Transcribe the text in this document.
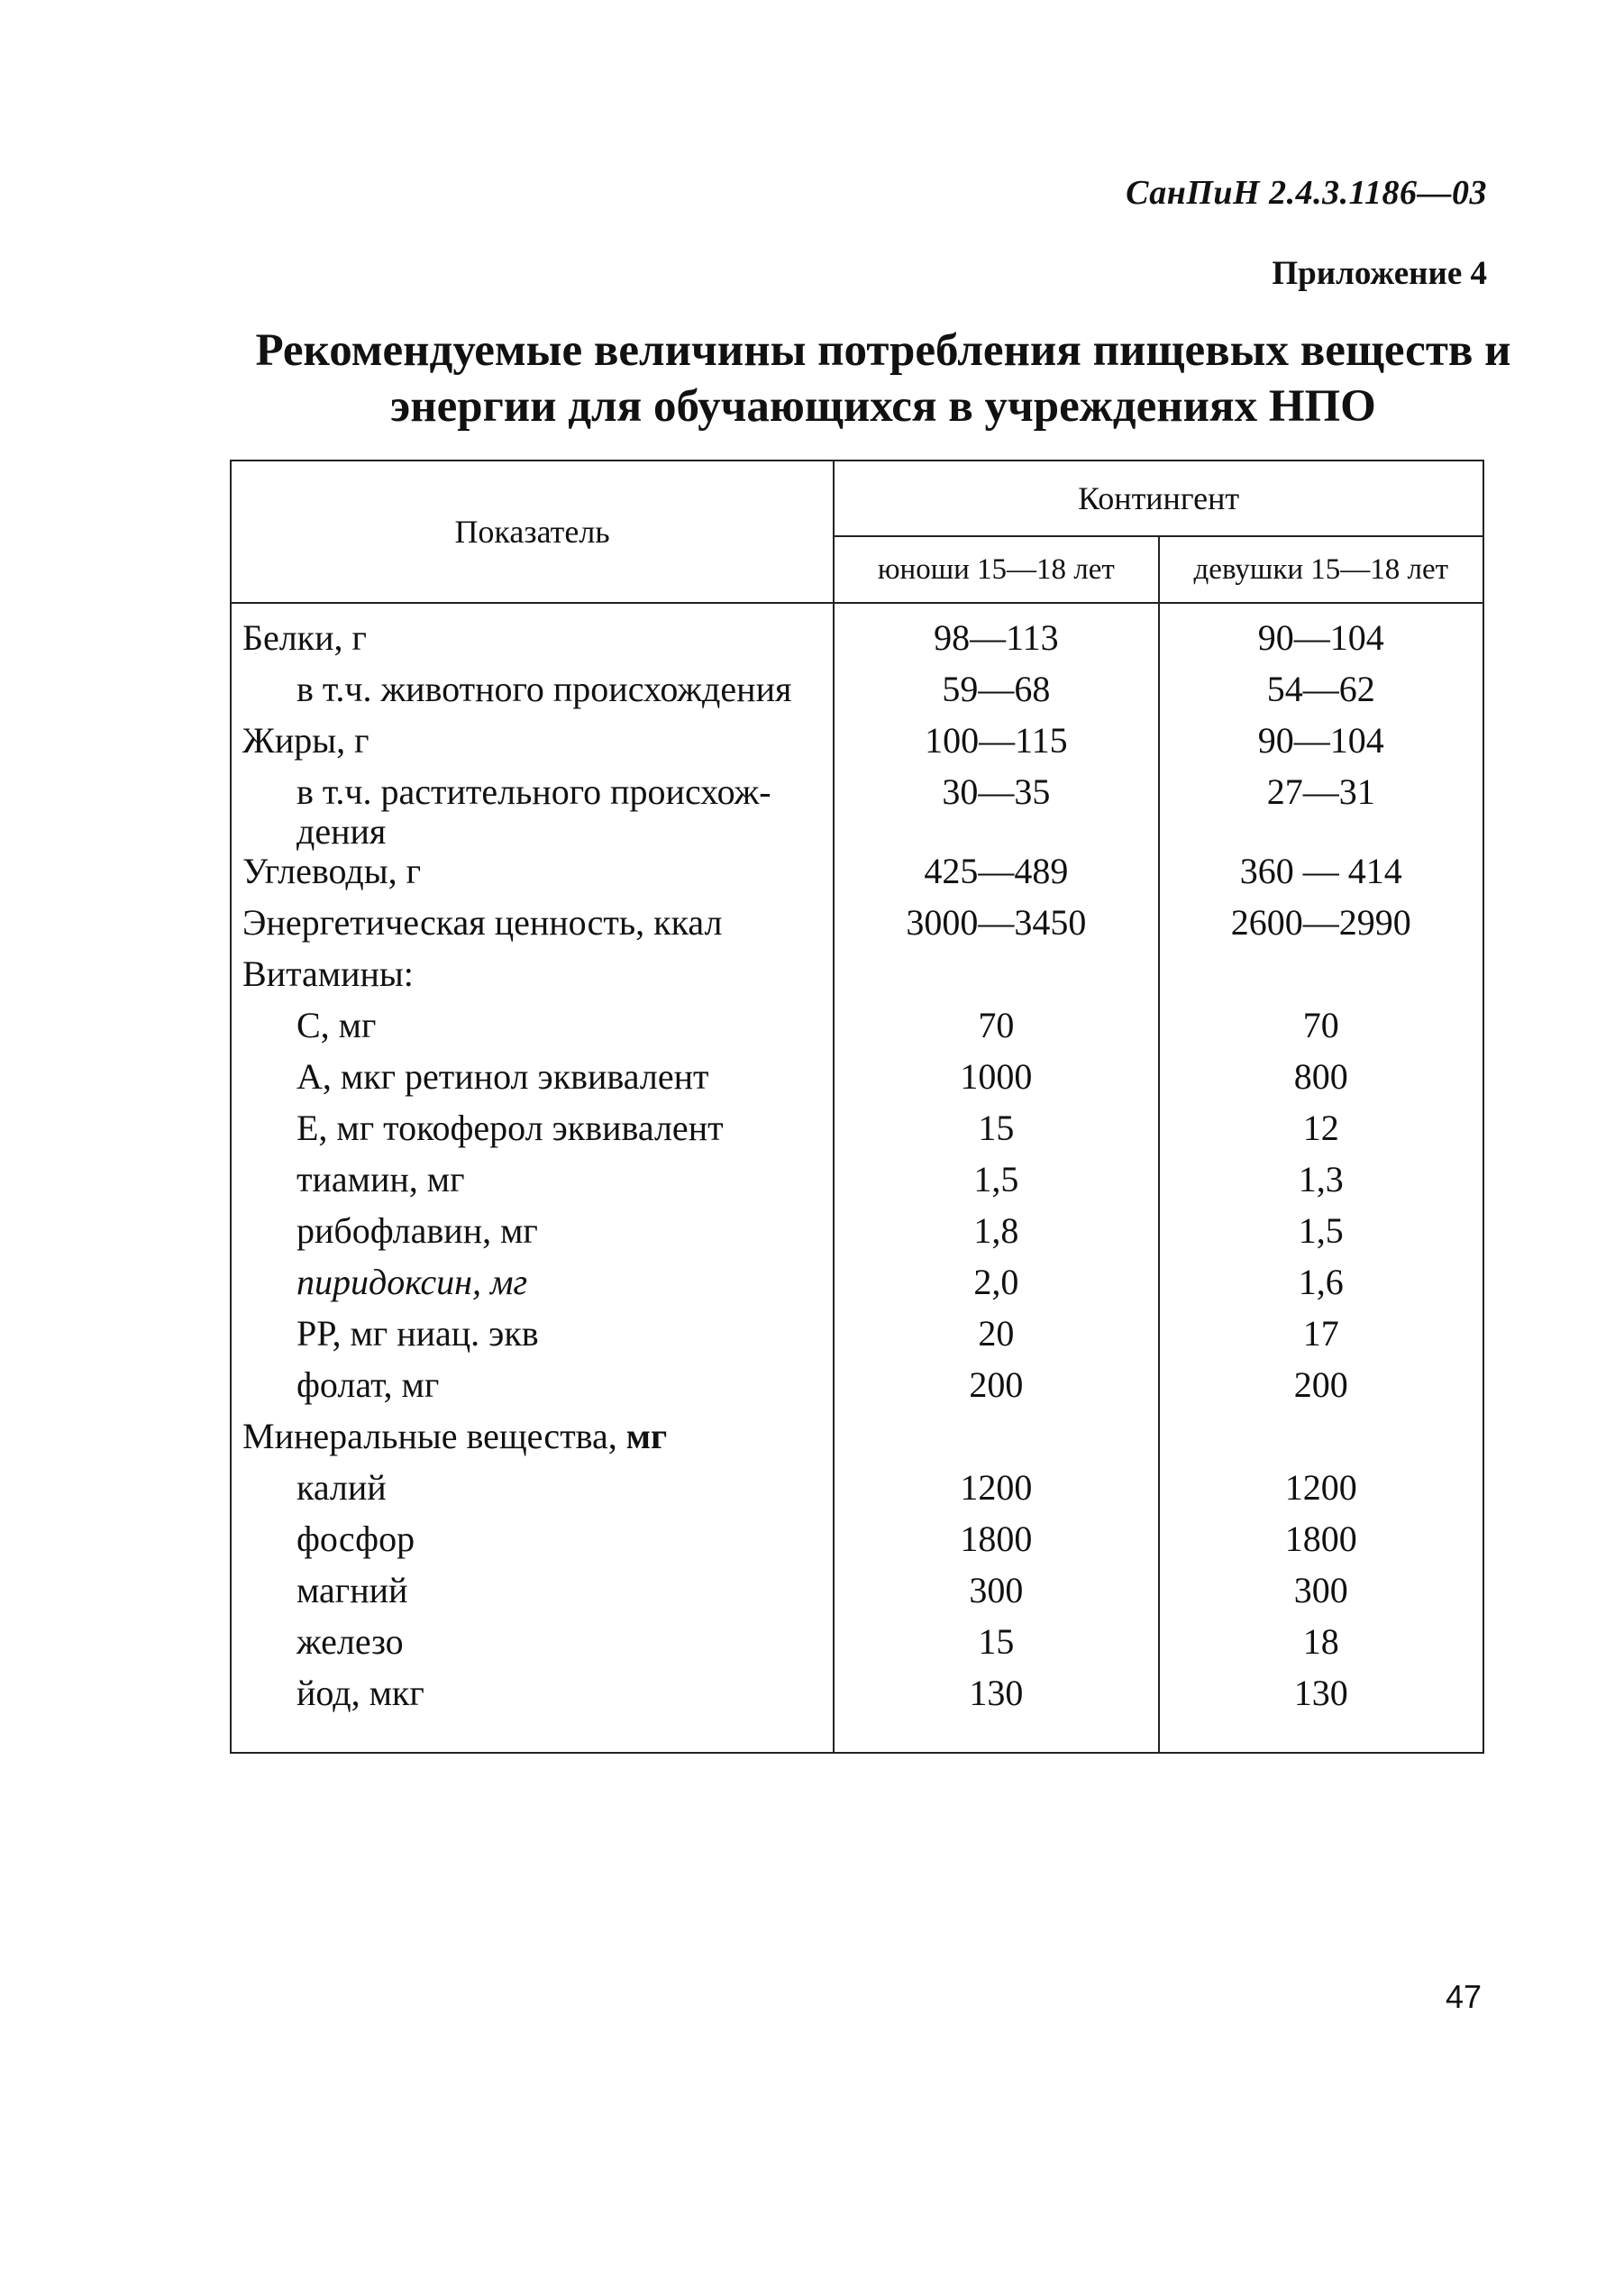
СанПиН 2.4.3.1186—03
Приложение 4
Рекомендуемые величины потребления пищевых веществ и
энергии для обучающихся в учреждениях НПО
Показатель	Контингент	
	юноши 15—18 лет	девушки 15—18 лет
Белки, г	98—113	90—104
в т.ч. животного происхождения	59—68	54—62
Жиры, г	100—115	90—104

в т.ч. растительного происхож-
дения	30—35	27—31
Углеводы, г	425—489	360 — 414
Энергетическая ценность, ккал	3000—3450	2600—2990
Витамины:		
С, мг	70	70
А, мкг ретинол эквивалент	1000	800
Е, мг токоферол эквивалент	15	12
тиамин, мг	1,5	1,3
рибофлавин, мг	1,8	1,5
пиридоксин, мг	2,0	1,6
РР, мг ниац. экв	20	17
фолат, мг	200	200
Минеральные вещества, мг		
калий	1200	1200
фосфор	1800	1800
магний	300	300
железо	15	18
йод, мкг	130	130
47
